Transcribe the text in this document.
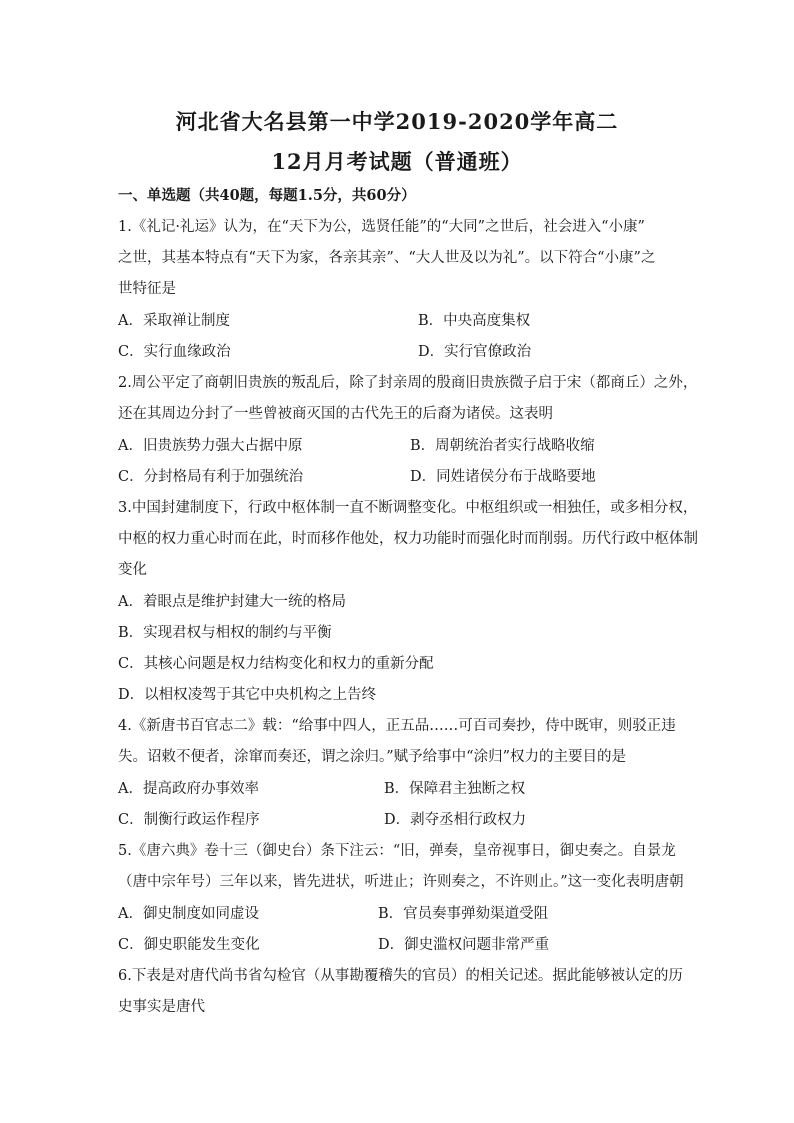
河北省大名县第一中学2019-2020学年高二
12月月考试题（普通班）
一、单选题（共40题，每题1.5分，共60分）
1.《礼记·礼运》认为，在“天下为公，选贤任能”的“大同”之世后，社会进入“小康”
之世，其基本特点有“天下为家，各亲其亲”、“大人世及以为礼”。以下符合“小康”之
世特征是
A．采取禅让制度	B．中央高度集权
C．实行血缘政治	D．实行官僚政治
2.周公平定了商朝旧贵族的叛乱后，除了封亲周的殷商旧贵族微子启于宋（都商丘）之外，
还在其周边分封了一些曾被商灭国的古代先王的后裔为诸侯。这表明
A．旧贵族势力强大占据中原	B．周朝统治者实行战略收缩
C．分封格局有利于加强统治	D．同姓诸侯分布于战略要地
3.中国封建制度下，行政中枢体制一直不断调整变化。中枢组织或一相独任，或多相分权，
中枢的权力重心时而在此，时而移作他处，权力功能时而强化时而削弱。历代行政中枢体制
变化
A．着眼点是维护封建大一统的格局
B．实现君权与相权的制约与平衡
C．其核心问题是权力结构变化和权力的重新分配
D．以相权凌驾于其它中央机构之上告终
4.《新唐书百官志二》载：“给事中四人，正五品……可百司奏抄，侍中既审，则驳正违
失。诏敕不便者，涂窜而奏还，谓之涂归。”赋予给事中“涂归”权力的主要目的是
A．提高政府办事效率	B．保障君主独断之权
C．制衡行政运作程序	D．剥夺丞相行政权力
5.《唐六典》卷十三（御史台）条下注云：“旧，弹奏，皇帝视事日，御史奏之。自景龙
（唐中宗年号）三年以来，皆先进状，听进止；许则奏之，不许则止。”这一变化表明唐朝
A．御史制度如同虚设	B．官员奏事弹劾渠道受阻
C．御史职能发生变化	D．御史滥权问题非常严重
6.下表是对唐代尚书省勾检官（从事勘覆稽失的官员）的相关记述。据此能够被认定的历
史事实是唐代
